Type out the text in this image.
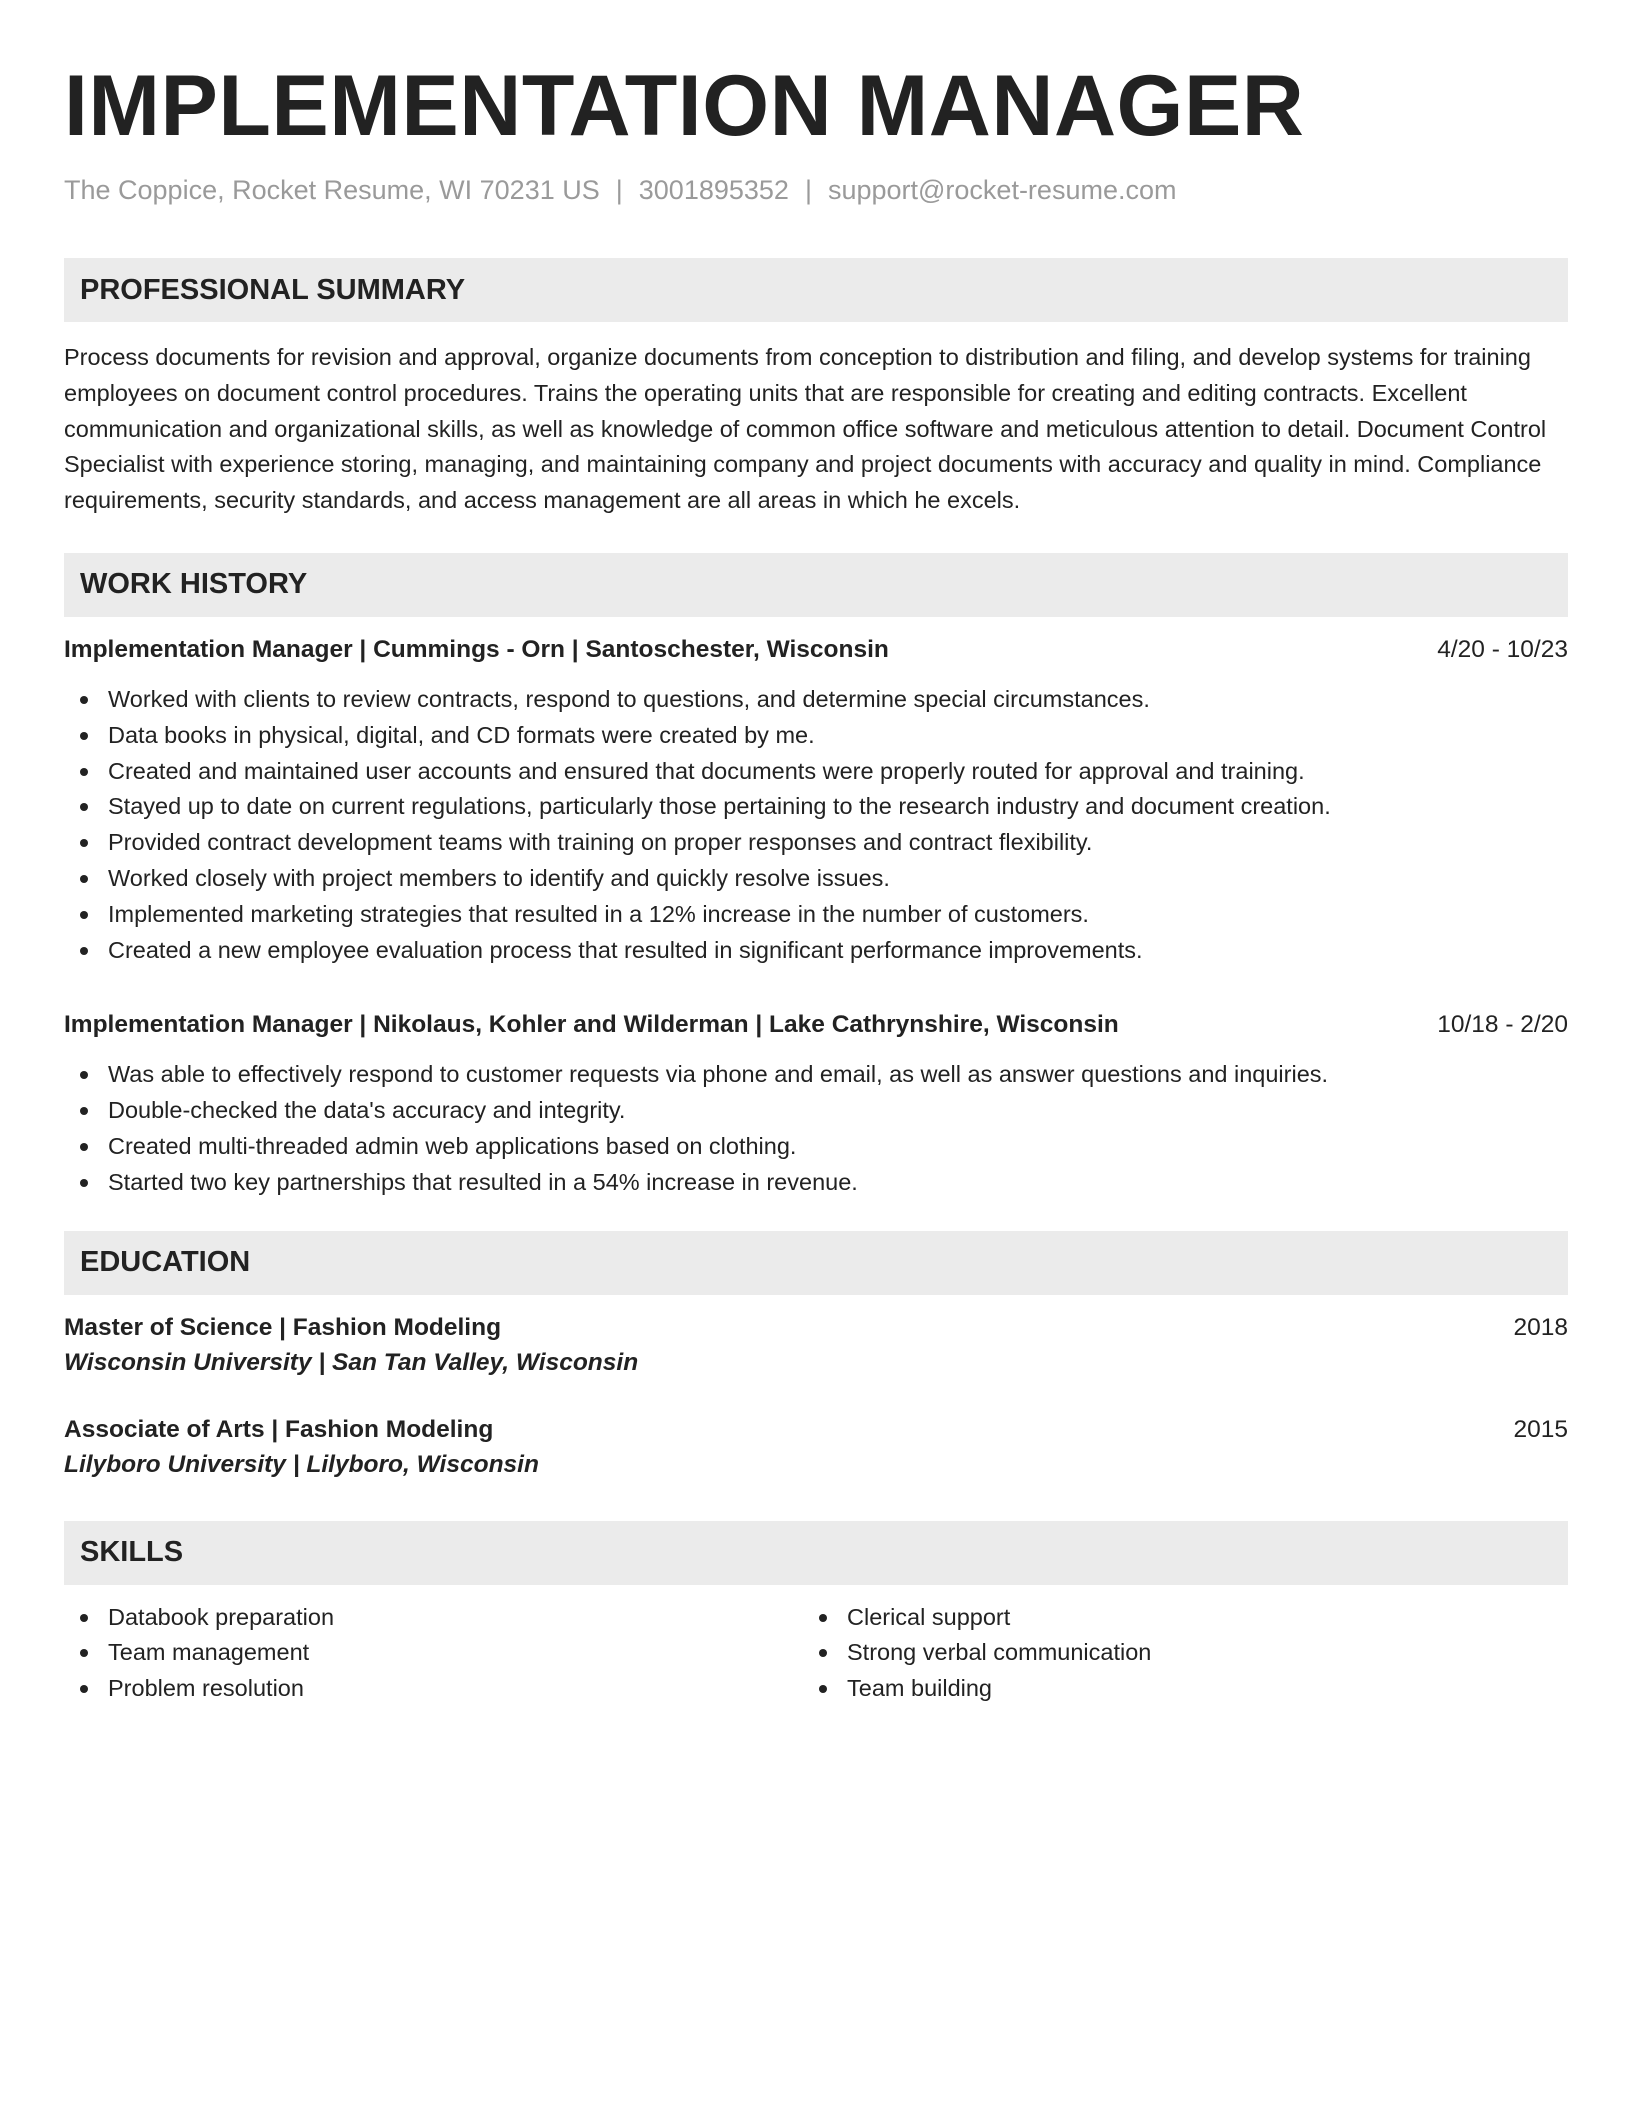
IMPLEMENTATION MANAGER
The Coppice, Rocket Resume, WI 70231 US | 3001895352 | support@rocket-resume.com
PROFESSIONAL SUMMARY
Process documents for revision and approval, organize documents from conception to distribution and filing, and develop systems for training employees on document control procedures. Trains the operating units that are responsible for creating and editing contracts. Excellent communication and organizational skills, as well as knowledge of common office software and meticulous attention to detail. Document Control Specialist with experience storing, managing, and maintaining company and project documents with accuracy and quality in mind. Compliance requirements, security standards, and access management are all areas in which he excels.
WORK HISTORY
Implementation Manager | Cummings - Orn | Santoschester, Wisconsin	4/20 - 10/23
Worked with clients to review contracts, respond to questions, and determine special circumstances.
Data books in physical, digital, and CD formats were created by me.
Created and maintained user accounts and ensured that documents were properly routed for approval and training.
Stayed up to date on current regulations, particularly those pertaining to the research industry and document creation.
Provided contract development teams with training on proper responses and contract flexibility.
Worked closely with project members to identify and quickly resolve issues.
Implemented marketing strategies that resulted in a 12% increase in the number of customers.
Created a new employee evaluation process that resulted in significant performance improvements.
Implementation Manager | Nikolaus, Kohler and Wilderman | Lake Cathrynshire, Wisconsin	10/18 - 2/20
Was able to effectively respond to customer requests via phone and email, as well as answer questions and inquiries.
Double-checked the data's accuracy and integrity.
Created multi-threaded admin web applications based on clothing.
Started two key partnerships that resulted in a 54% increase in revenue.
EDUCATION
Master of Science | Fashion Modeling	2018
Wisconsin University | San Tan Valley, Wisconsin
Associate of Arts | Fashion Modeling	2015
Lilyboro University | Lilyboro, Wisconsin
SKILLS
Databook preparation
Team management
Problem resolution
Clerical support
Strong verbal communication
Team building
